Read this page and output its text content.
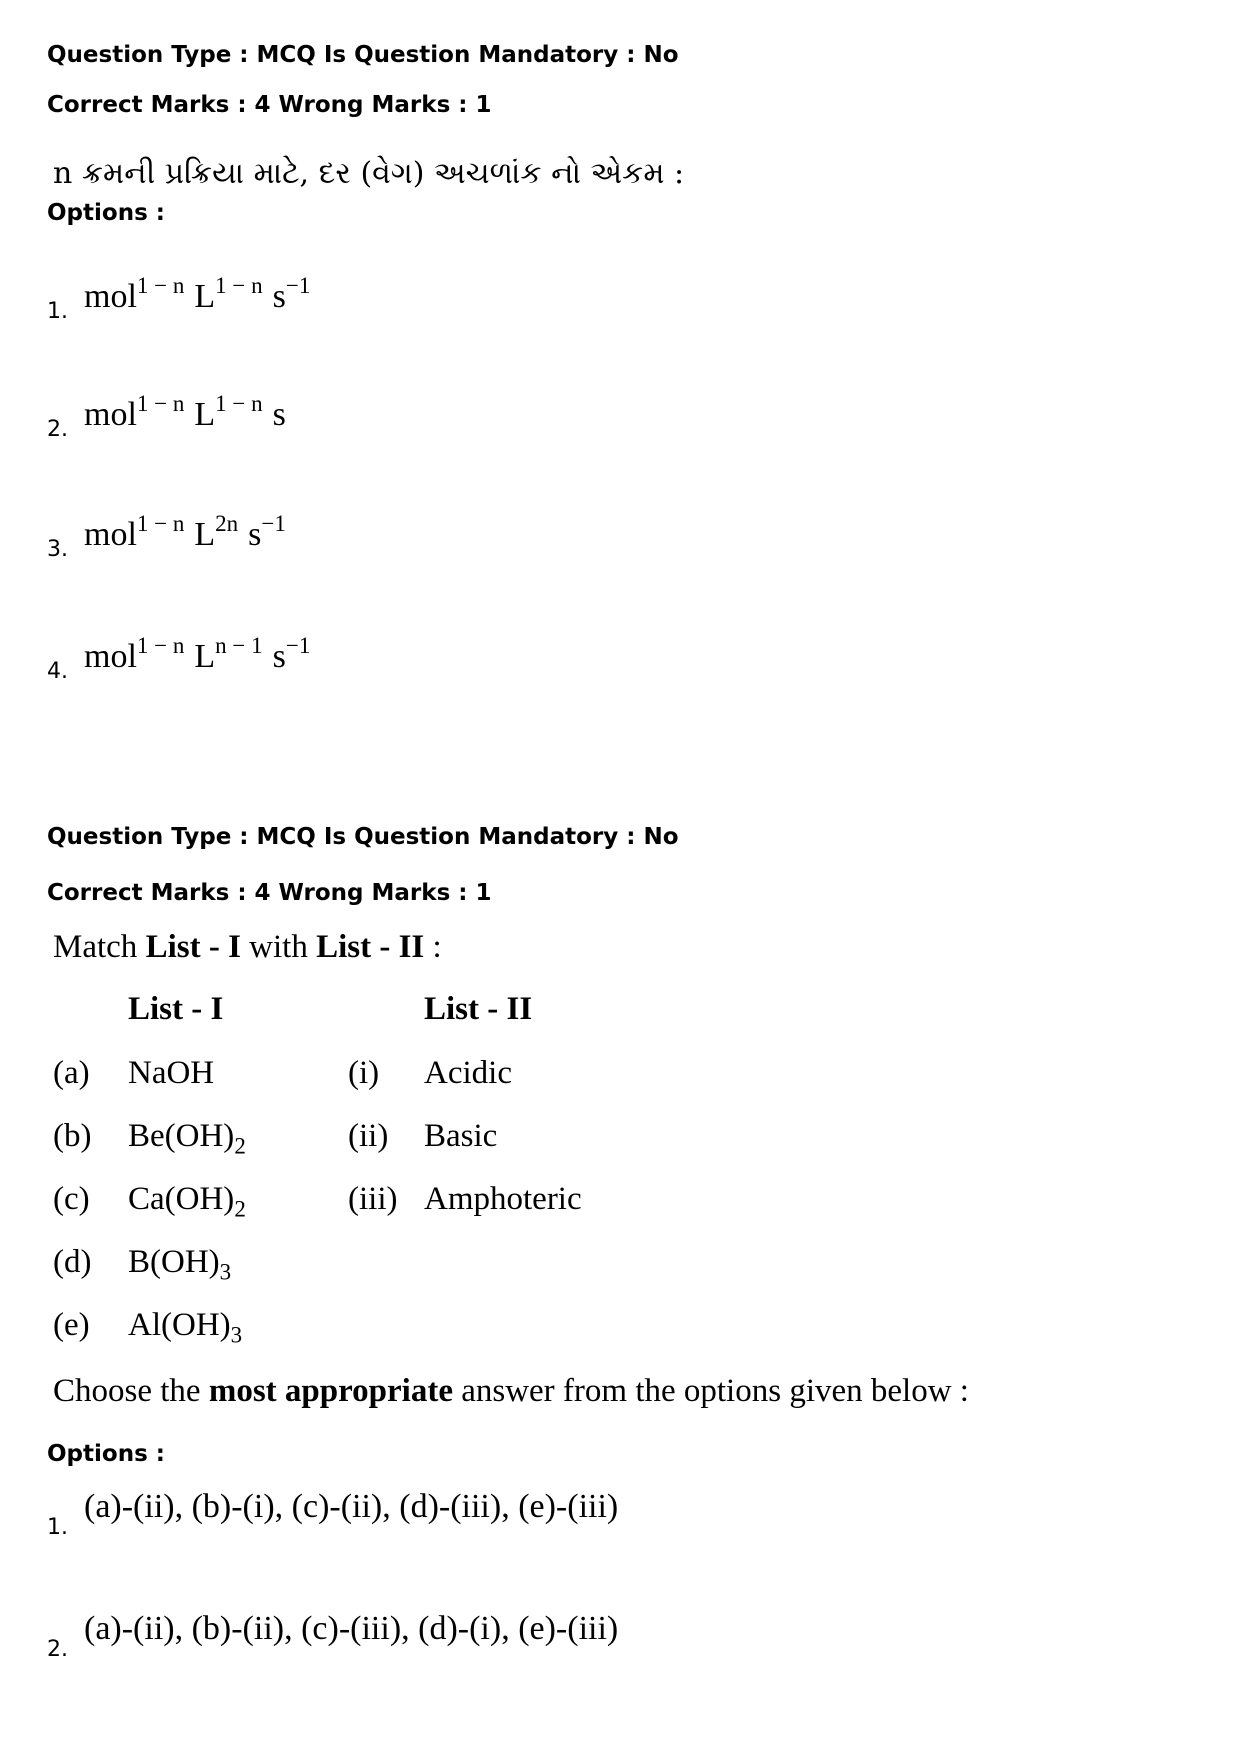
Question Type : MCQ Is Question Mandatory : No
Correct Marks : 4 Wrong Marks : 1
n ક્રમની પ્રક્રિયા માટે, દર (વેગ) અચળાંક નો એકમ :
Options :
1. mol$^{1 - n}$ $L^{1 - n}$ $s^{-1}$
2. mol$^{1 - n}$ $L^{1 - n}$ s
3. mol$^{1 - n}$ $L^{2n}$ $s^{-1}$
4. mol$^{1 - n}$ $L^{n - 1}$ $s^{-1}$
Question Type : MCQ Is Question Mandatory : No
Correct Marks : 4 Wrong Marks : 1
Match List - I with List - II :
List - I	List - II
(a) NaOH
(b) $Be(OH)_2$
(c) $Ca(OH)_2$
(d) $B(OH)_3$
(e) $Al(OH)_3$
(i) Acidic
(ii) Basic
(iii) Amphoteric
Choose the most appropriate answer from the options given below :
Options :
1.
(a)-(ii), (b)-(i), (c)-(ii), (d)-(iii), (e)-(iii)
2.
(a)-(ii), (b)-(ii), (c)-(iii), (d)-(i), (e)-(iii)
